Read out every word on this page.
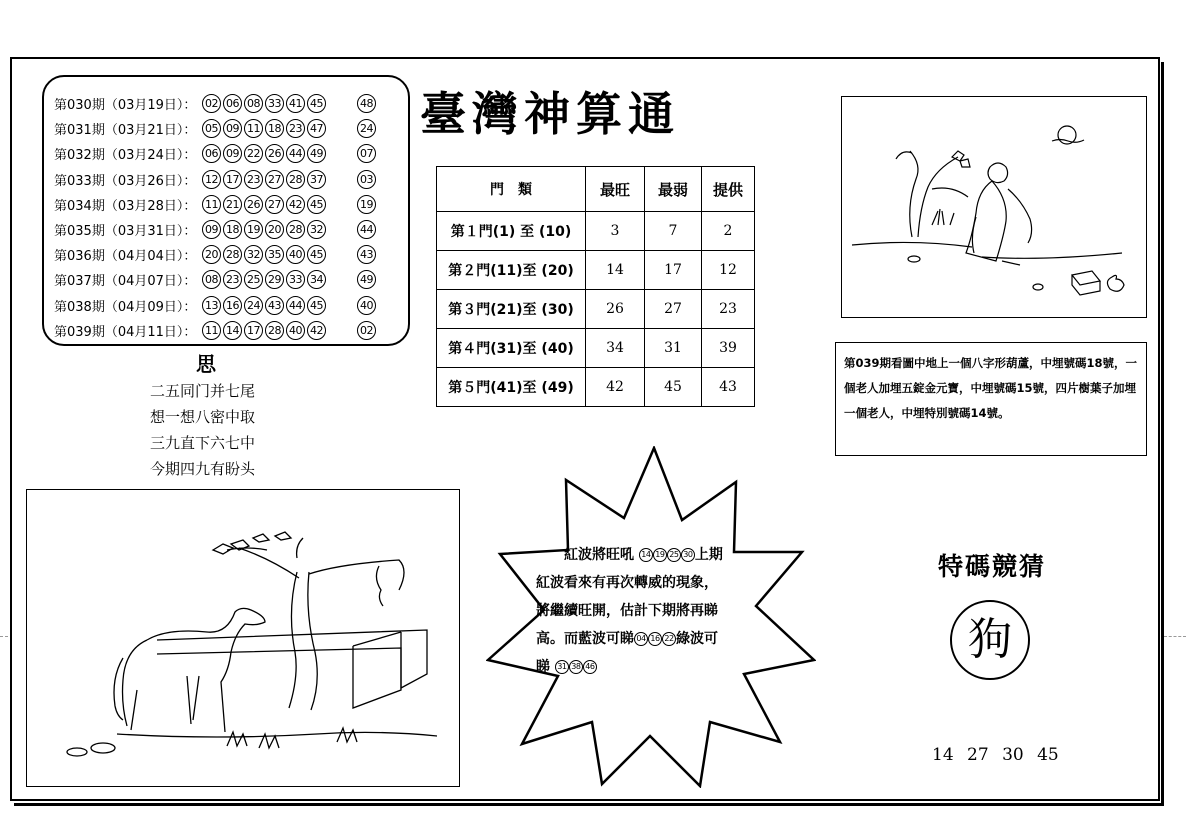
第030期（03月19日）： 02 06 08 33 41 45	48
第031期（03月21日）： 05 09 11 18 23 47	24
第032期（03月24日）： 06 09 22 26 44 49	07
第033期（03月26日）： 12 17 23 27 28 37	03
第034期（03月28日）： 11 21 26 27 42 45	19
第035期（03月31日）： 09 18 19 20 28 32	44
第036期（04月04日）： 20 28 32 35 40 45	43
第037期（04月07日）： 08 23 25 29 33 34	49
第038期（04月09日）： 13 16 24 43 44 45	40
第039期（04月11日）： 11 14 17 28 40 42	02
思
二五同门并七尾
想一想八密中取
三九直下六七中
今期四九有盼头
臺灣神算通
門　類	最旺	最弱	提供
第１門(1) 至 (10)	3	7	2
第２門(11)至 (20)	14	17	12
第３門(21)至 (30)	26	27	23
第４門(31)至 (40)	34	31	39
第５門(41)至 (49)	42	45	43
第039期看圖中地上一個八字形葫蘆，中埋號碼18號，一個老人加埋五錠金元寶，中埋號碼15號，四片樹葉子加埋一個老人，中埋特別號碼14號。
紅波將旺吼 14 19 25 30 上期
紅波看來有再次轉威的現象，
將繼續旺開，估計下期將再睇
高。而藍波可睇 04 16 22 綠波可
睇 31 38 46
特碼競猜
狗
14 27 30 45
